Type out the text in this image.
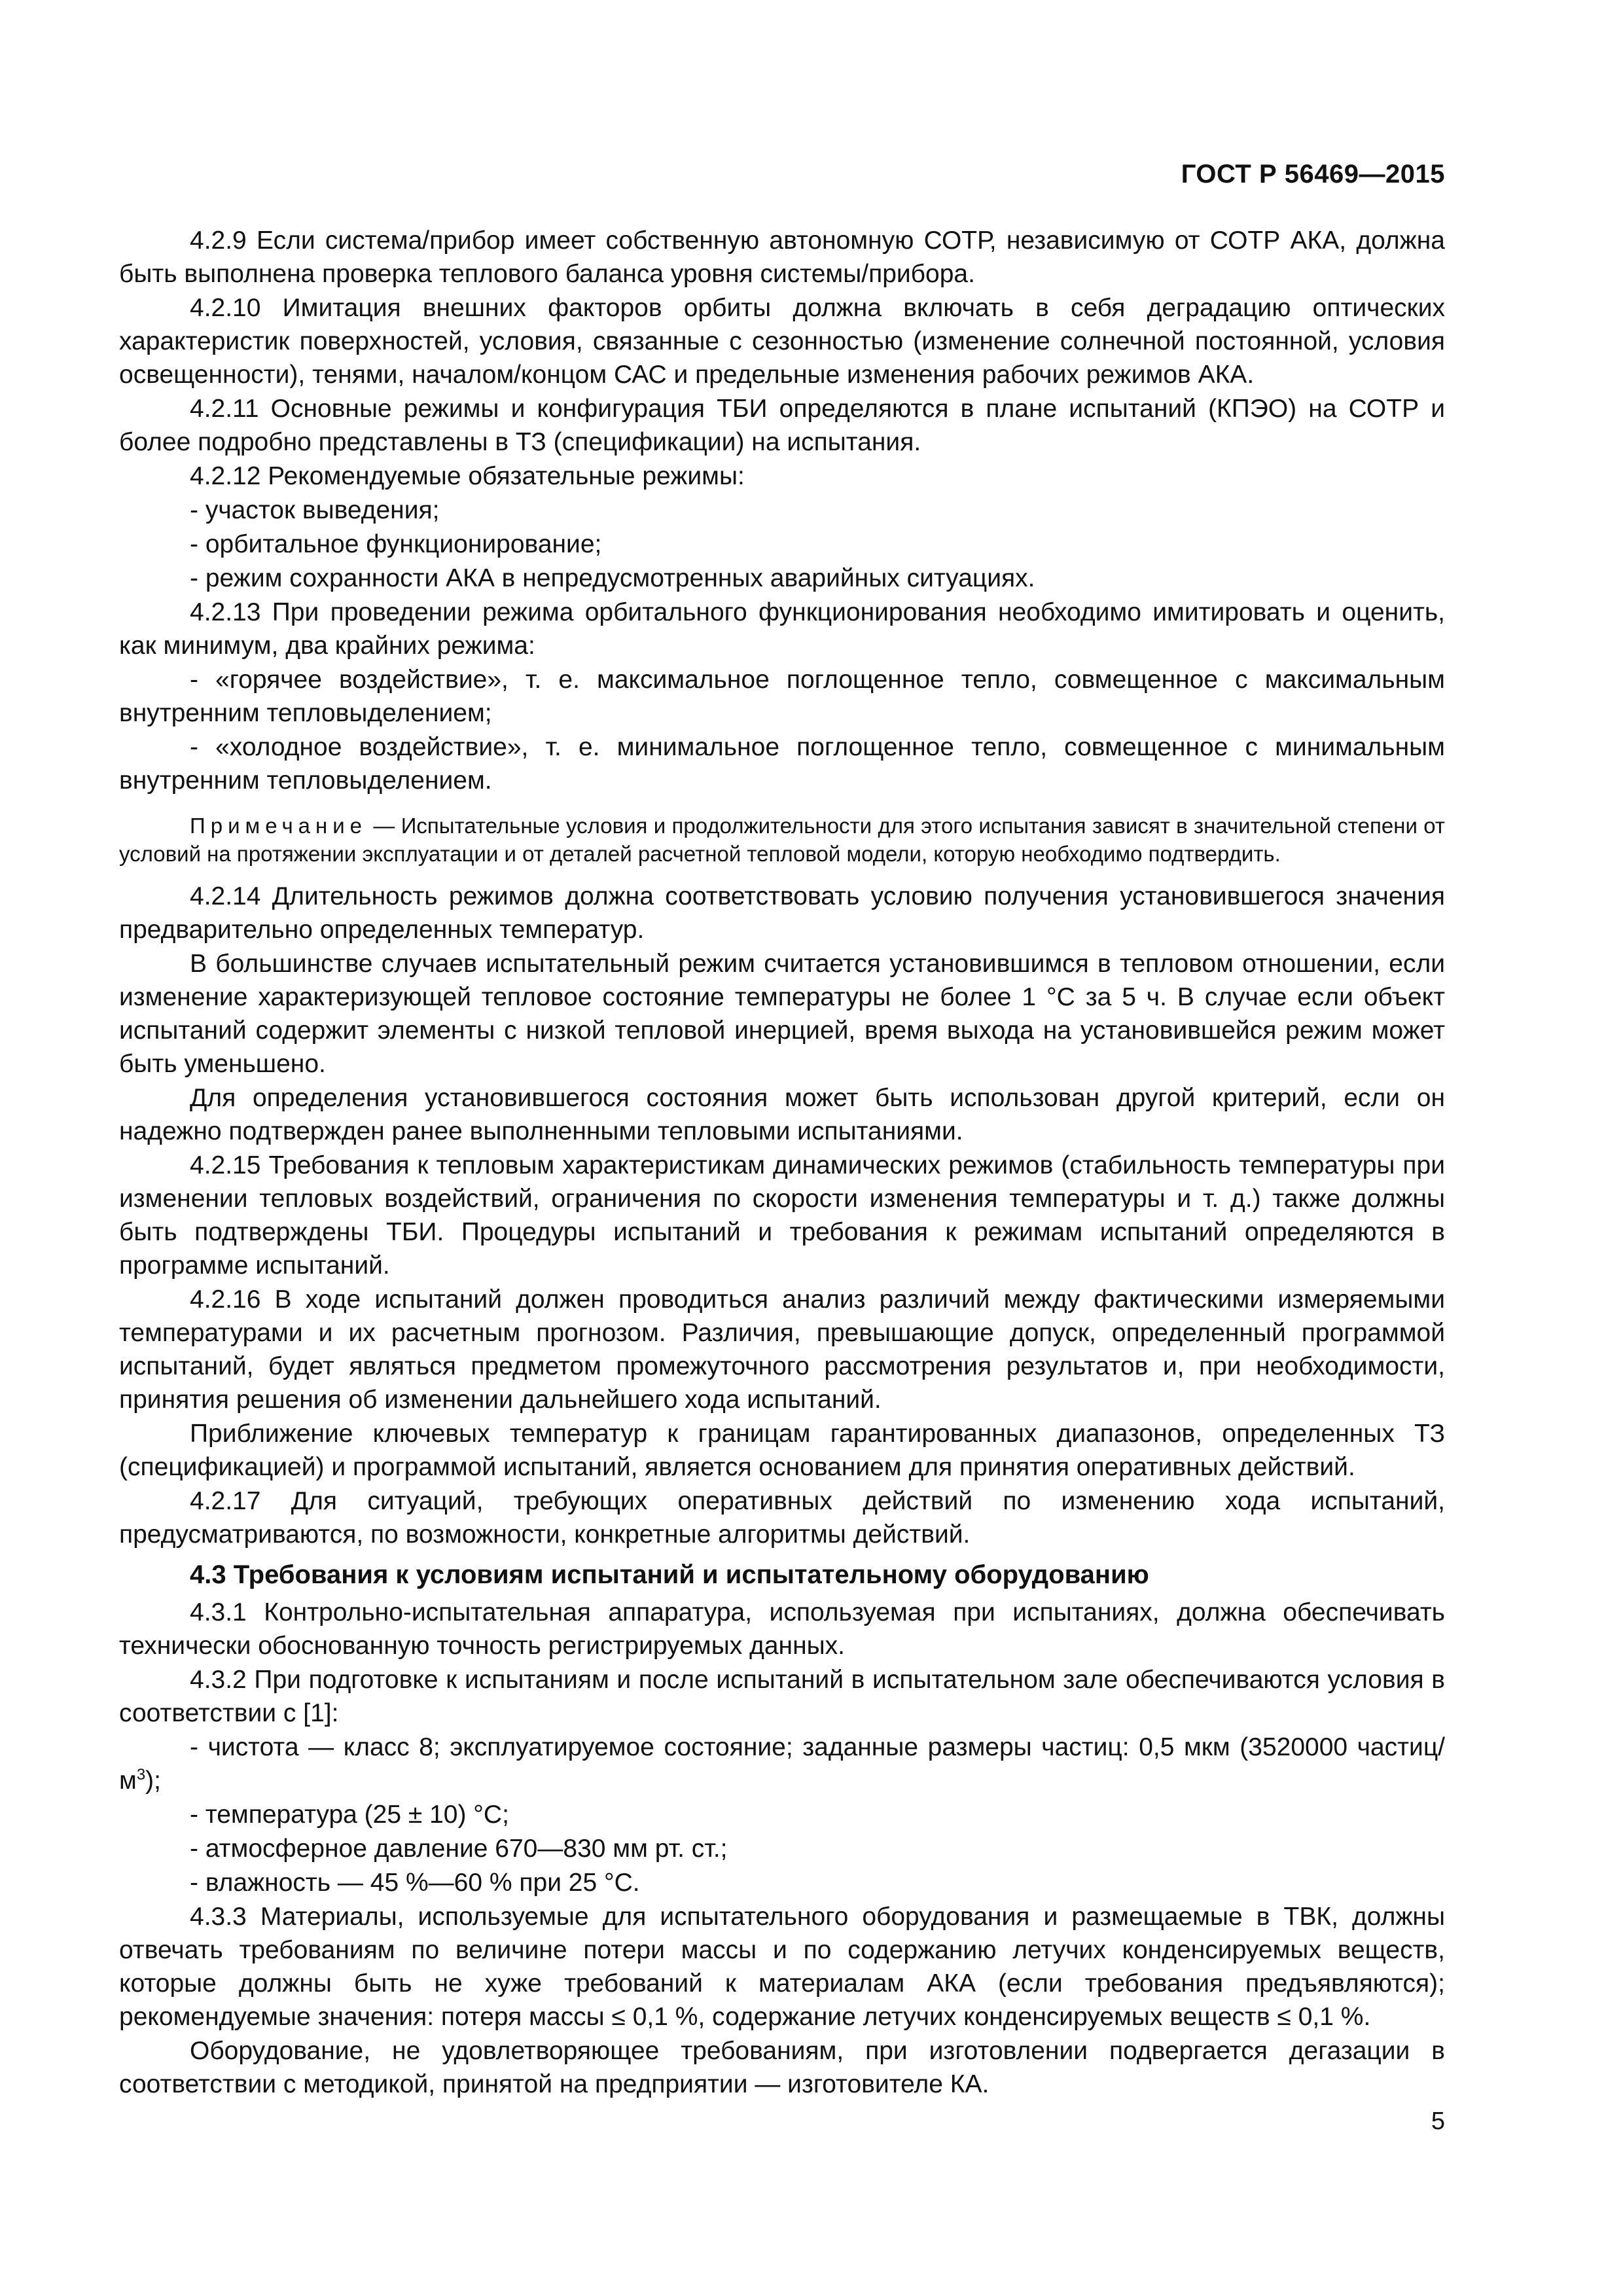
ГОСТ Р 56469—2015

4.2.9 Если система/прибор имеет собственную автономную СОТР, независимую от СОТР АКА, должна быть выполнена проверка теплового баланса уровня системы/прибора.

4.2.10 Имитация внешних факторов орбиты должна включать в себя деградацию оптических характеристик поверхностей, условия, связанные с сезонностью (изменение солнечной постоянной, условия освещенности), тенями, началом/концом САС и предельные изменения рабочих режимов АКА.

4.2.11 Основные режимы и конфигурация ТБИ определяются в плане испытаний (КПЭО) на СОТР и более подробно представлены в ТЗ (спецификации) на испытания.

4.2.12 Рекомендуемые обязательные режимы:

- участок выведения;

- орбитальное функционирование;

- режим сохранности АКА в непредусмотренных аварийных ситуациях.

4.2.13 При проведении режима орбитального функционирования необходимо имитировать и оценить, как минимум, два крайних режима:

- «горячее воздействие», т. е. максимальное поглощенное тепло, совмещенное с максимальным внутренним тепловыделением;

- «холодное воздействие», т. е. минимальное поглощенное тепло, совмещенное с минимальным внутренним тепловыделением.

Примечание — Испытательные условия и продолжительности для этого испытания зависят в значительной степени от условий на протяжении эксплуатации и от деталей расчетной тепловой модели, которую необходимо подтвердить.

4.2.14 Длительность режимов должна соответствовать условию получения установившегося значения предварительно определенных температур.

В большинстве случаев испытательный режим считается установившимся в тепловом отношении, если изменение характеризующей тепловое состояние температуры не более 1 °С за 5 ч. В случае если объект испытаний содержит элементы с низкой тепловой инерцией, время выхода на установившейся режим может быть уменьшено.

Для определения установившегося состояния может быть использован другой критерий, если он надежно подтвержден ранее выполненными тепловыми испытаниями.

4.2.15 Требования к тепловым характеристикам динамических режимов (стабильность температуры при изменении тепловых воздействий, ограничения по скорости изменения температуры и т. д.) также должны быть подтверждены ТБИ. Процедуры испытаний и требования к режимам испытаний определяются в программе испытаний.

4.2.16 В ходе испытаний должен проводиться анализ различий между фактическими измеряемыми температурами и их расчетным прогнозом. Различия, превышающие допуск, определенный программой испытаний, будет являться предметом промежуточного рассмотрения результатов и, при необходимости, принятия решения об изменении дальнейшего хода испытаний.

Приближение ключевых температур к границам гарантированных диапазонов, определенных ТЗ (спецификацией) и программой испытаний, является основанием для принятия оперативных действий.

4.2.17 Для ситуаций, требующих оперативных действий по изменению хода испытаний, предусматриваются, по возможности, конкретные алгоритмы действий.

4.3 Требования к условиям испытаний и испытательному оборудованию

4.3.1 Контрольно-испытательная аппаратура, используемая при испытаниях, должна обеспечивать технически обоснованную точность регистрируемых данных.

4.3.2 При подготовке к испытаниям и после испытаний в испытательном зале обеспечиваются условия в соответствии с [1]:

- чистота — класс 8; эксплуатируемое состояние; заданные размеры частиц: 0,5 мкм (3520000 частиц/$м^3$);

- температура (25 ± 10) °С;

- атмосферное давление 670—830 мм рт. ст.;

- влажность — 45 %—60 % при 25 °С.

4.3.3 Материалы, используемые для испытательного оборудования и размещаемые в ТВК, должны отвечать требованиям по величине потери массы и по содержанию летучих конденсируемых веществ, которые должны быть не хуже требований к материалам АКА (если требования предъявляются); рекомендуемые значения: потеря массы ≤ 0,1 %, содержание летучих конденсируемых веществ ≤ 0,1 %.

Оборудование, не удовлетворяющее требованиям, при изготовлении подвергается дегазации в соответствии с методикой, принятой на предприятии — изготовителе КА.

5
